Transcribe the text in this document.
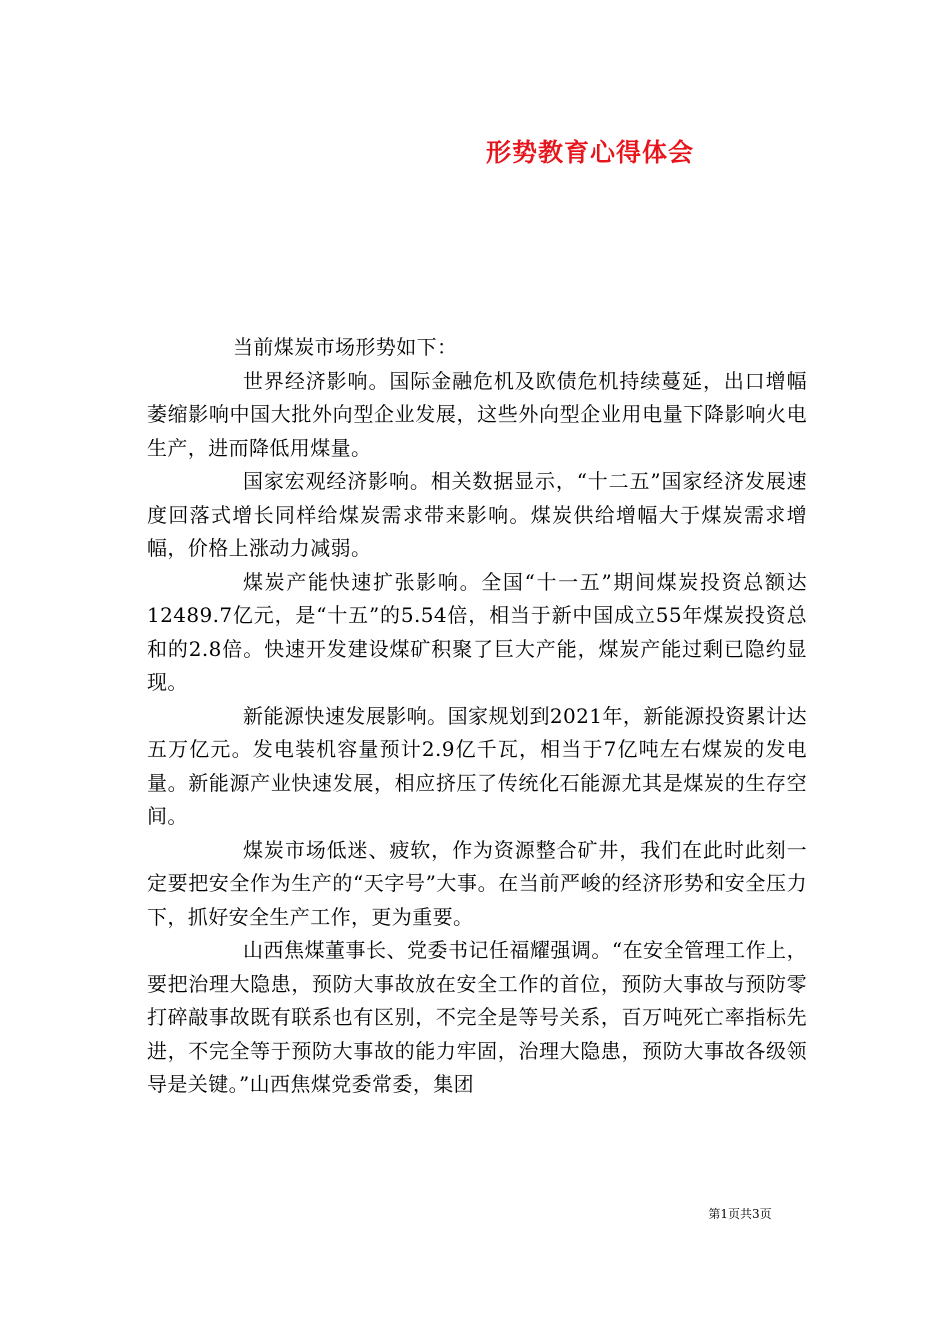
形势教育心得体会

当前煤炭市场形势如下：

世界经济影响。国际金融危机及欧债危机持续蔓延，出口增幅萎缩影响中国大批外向型企业发展，这些外向型企业用电量下降影响火电生产，进而降低用煤量。

国家宏观经济影响。相关数据显示，“十二五”国家经济发展速度回落式增长同样给煤炭需求带来影响。煤炭供给增幅大于煤炭需求增幅，价格上涨动力减弱。

煤炭产能快速扩张影响。全国“十一五”期间煤炭投资总额达12489.7亿元，是“十五”的5.54倍，相当于新中国成立55年煤炭投资总和的2.8倍。快速开发建设煤矿积聚了巨大产能，煤炭产能过剩已隐约显现。

新能源快速发展影响。国家规划到2021年，新能源投资累计达五万亿元。发电装机容量预计2.9亿千瓦，相当于7亿吨左右煤炭的发电量。新能源产业快速发展，相应挤压了传统化石能源尤其是煤炭的生存空间。

煤炭市场低迷、疲软，作为资源整合矿井，我们在此时此刻一定要把安全作为生产的“天字号”大事。在当前严峻的经济形势和安全压力下，抓好安全生产工作，更为重要。

山西焦煤董事长、党委书记任福耀强调。“在安全管理工作上，要把治理大隐患，预防大事故放在安全工作的首位，预防大事故与预防零打碎敲事故既有联系也有区别，不完全是等号关系，百万吨死亡率指标先进，不完全等于预防大事故的能力牢固，治理大隐患，预防大事故各级领导是关键。”山西焦煤党委常委，集团

第1页共3页
